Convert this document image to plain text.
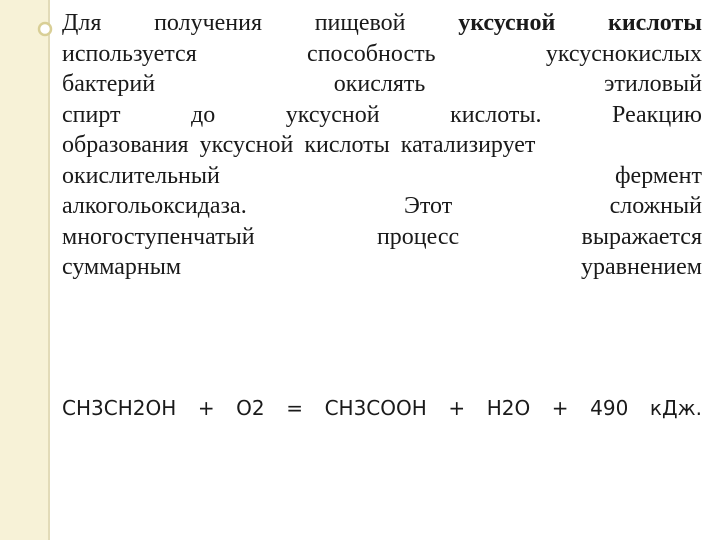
Для получения пищевой уксусной кислоты
используется	способность	уксуснокислых
бактерий	окислять	этиловый
спирт	до	уксусной	кислоты.	Реакцию
образования уксусной кислоты катализирует
окислительный	фермент
алкогольоксидаза.	Этот	сложный
многоступенчатый	процесс	выражается
суммарным	уравнением
CH3CH2OH + O2 = CH3COOH + H2O + 490 кДж.
